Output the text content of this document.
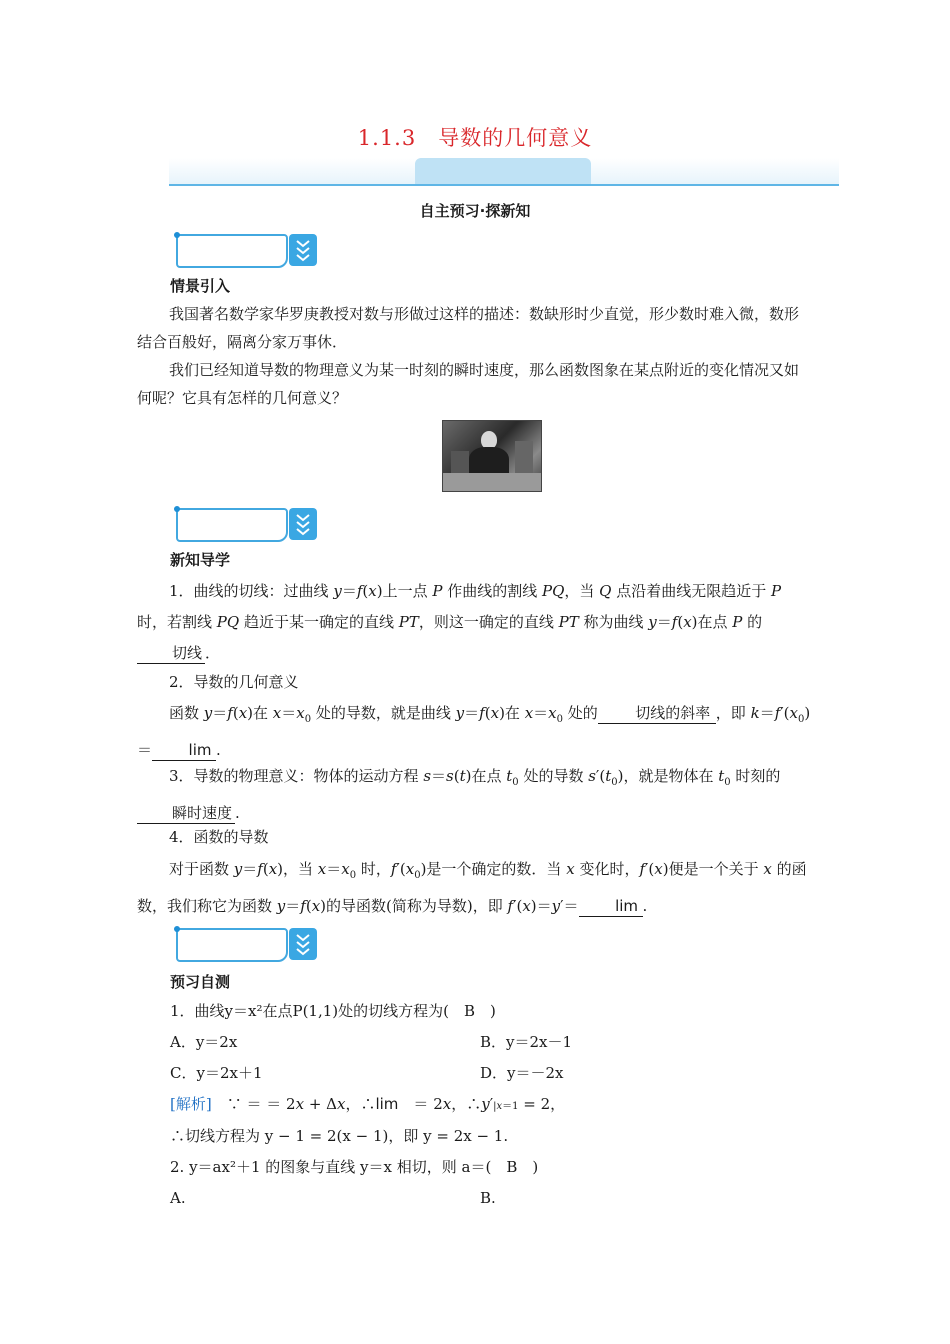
1.1.3 导数的几何意义
自主预习·探新知
情景引入
我国著名数学家华罗庚教授对数与形做过这样的描述：数缺形时少直觉，形少数时难入微，数形结合百般好，隔离分家万事休．
我们已经知道导数的物理意义为某一时刻的瞬时速度，那么函数图象在某点附近的变化情况又如何呢？它具有怎样的几何意义？
新知导学
1．曲线的切线：过曲线 y＝f(x)上一点 P 作曲线的割线 PQ，当 Q 点沿着曲线无限趋近于 P 时，若割线 PQ 趋近于某一确定的直线 PT，则这一确定的直线 PT 称为曲线 y＝f(x)在点 P 的切线 ．
2．导数的几何意义
函数 y＝f(x)在 $x=x_0$ 处的导数，就是曲线 y＝f(x)在 $x=x_0$ 处的 切线的斜率 ，即 $k=f'(x_0)= \lim$ .
3．导数的物理意义：物体的运动方程 s＝s(t)在点 $t_0$ 处的导数 $s'(t_0)$，就是物体在 $t_0$ 时刻的瞬时速度 .
4．函数的导数
对于函数 y＝f(x)，当 $x=x_0$ 时，$f'(x_0)$是一个确定的数．当 x 变化时，f′(x)便是一个关于 x 的函数，我们称它为函数 y＝f(x)的导函数(简称为导数)，即 f′(x)＝y′＝ lim .
预习自测
1．曲线y＝x²在点P(1,1)处的切线方程为(　B　)
A．y＝2x	B．y＝2x－1
C．y＝2x＋1	D．y＝－2x
[解析]　∵ ＝ ＝ 2x + Δx，∴lim　＝ 2x，∴y′|x＝1 = 2，
∴切线方程为 y − 1 = 2(x − 1)，即 y = 2x − 1.
2. y＝ax²＋1 的图象与直线 y＝x 相切，则 a＝(　B　)
A.	B.
